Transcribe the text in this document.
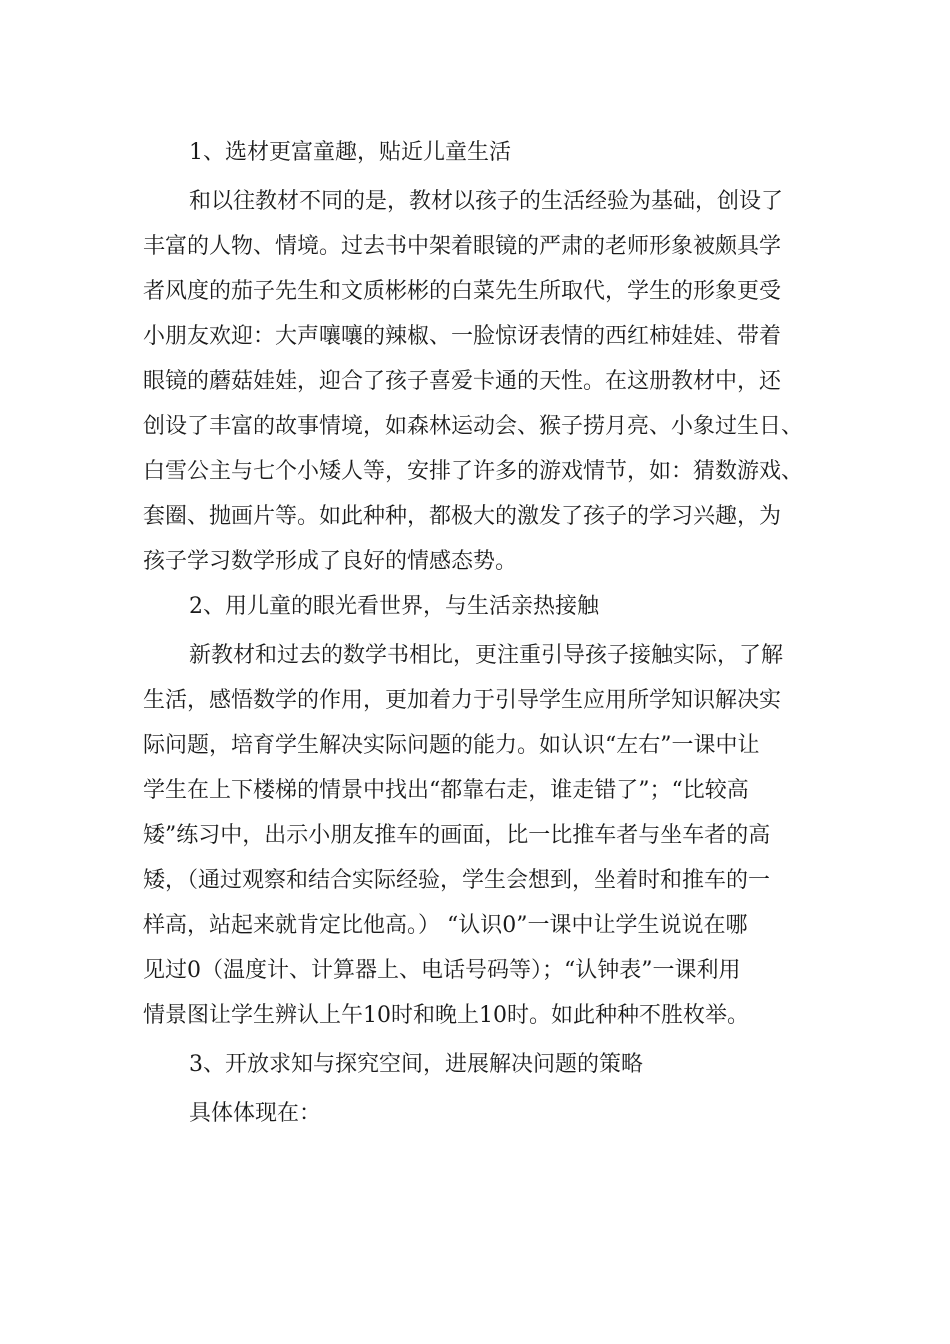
1、选材更富童趣，贴近儿童生活
和以往教材不同的是，教材以孩子的生活经验为基础，创设了
丰富的人物、情境。过去书中架着眼镜的严肃的老师形象被颇具学
者风度的茄子先生和文质彬彬的白菜先生所取代，学生的形象更受
小朋友欢迎：大声嚷嚷的辣椒、一脸惊讶表情的西红柿娃娃、带着
眼镜的蘑菇娃娃，迎合了孩子喜爱卡通的天性。在这册教材中，还
创设了丰富的故事情境，如森林运动会、猴子捞月亮、小象过生日、
白雪公主与七个小矮人等，安排了许多的游戏情节，如：猜数游戏、
套圈、抛画片等。如此种种，都极大的激发了孩子的学习兴趣，为
孩子学习数学形成了良好的情感态势。
2、用儿童的眼光看世界，与生活亲热接触
新教材和过去的数学书相比，更注重引导孩子接触实际，了解
生活，感悟数学的作用，更加着力于引导学生应用所学知识解决实
际问题，培育学生解决实际问题的能力。如认识“左右”一课中让
学生在上下楼梯的情景中找出“都靠右走，谁走错了”；“比较高
矮”练习中，出示小朋友推车的画面，比一比推车者与坐车者的高
矮，（通过观察和结合实际经验，学生会想到，坐着时和推车的一
样高，站起来就肯定比他高。） “认识0”一课中让学生说说在哪
见过0（温度计、计算器上、电话号码等）；“认钟表”一课利用
情景图让学生辨认上午10时和晚上10时。如此种种不胜枚举。
3、开放求知与探究空间，进展解决问题的策略
具体体现在：
